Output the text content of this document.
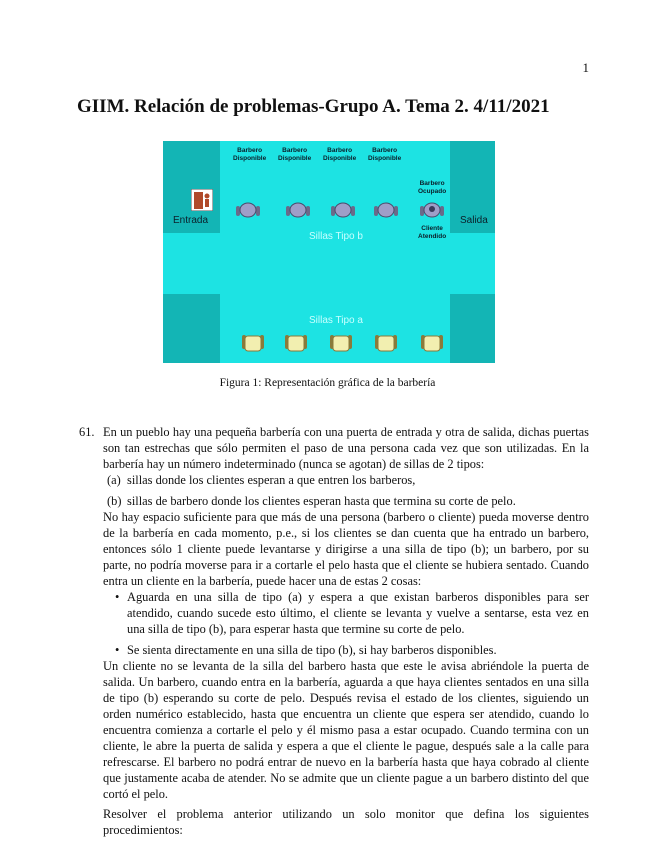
1
GIIM. Relación de problemas-Grupo A. Tema 2. 4/11/2021
Entrada	Salida
Barbero
Disponible
Barbero
Disponible
Barbero
Disponible
Barbero
Disponible
Barbero
Ocupado
Cliente
Atendido
Sillas Tipo b
Sillas Tipo a
Figura 1: Representación gráfica de la barbería
61. En un pueblo hay una pequeña barbería con una puerta de entrada y otra de salida, dichas puertas son tan estrechas que sólo permiten el paso de una persona cada vez que son utilizadas. En la barbería hay un número indeterminado (nunca se agotan) de sillas de 2 tipos:

(a) sillas donde los clientes esperan a que entren los barberos,
(b) sillas de barbero donde los clientes esperan hasta que termina su corte de pelo.

No hay espacio suficiente para que más de una persona (barbero o cliente) pueda moverse dentro de la barbería en cada momento, p.e., si los clientes se dan cuenta que ha entrado un barbero, entonces sólo 1 cliente puede levantarse y dirigirse a una silla de tipo (b); un barbero, por su parte, no podría moverse para ir a cortarle el pelo hasta que el cliente se hubiera sentado. Cuando entra un cliente en la barbería, puede hacer una de estas 2 cosas:

• Aguarda en una silla de tipo (a) y espera a que existan barberos disponibles para ser atendido, cuando sucede esto último, el cliente se levanta y vuelve a sentarse, esta vez en una silla de tipo (b), para esperar hasta que termine su corte de pelo.
• Se sienta directamente en una silla de tipo (b), si hay barberos disponibles.

Un cliente no se levanta de la silla del barbero hasta que este le avisa abriéndole la puerta de salida. Un barbero, cuando entra en la barbería, aguarda a que haya clientes sentados en una silla de tipo (b) esperando su corte de pelo. Después revisa el estado de los clientes, siguiendo un orden numérico establecido, hasta que encuentra un cliente que espera ser atendido, cuando lo encuentra comienza a cortarle el pelo y él mismo pasa a estar ocupado. Cuando termina con un cliente, le abre la puerta de salida y espera a que el cliente le pague, después sale a la calle para refrescarse. El barbero no podrá entrar de nuevo en la barbería hasta que haya cobrado al cliente que justamente acaba de atender. No se admite que un cliente pague a un barbero distinto del que cortó el pelo.

Resolver el problema anterior utilizando un solo monitor que defina los siguientes procedimientos:
